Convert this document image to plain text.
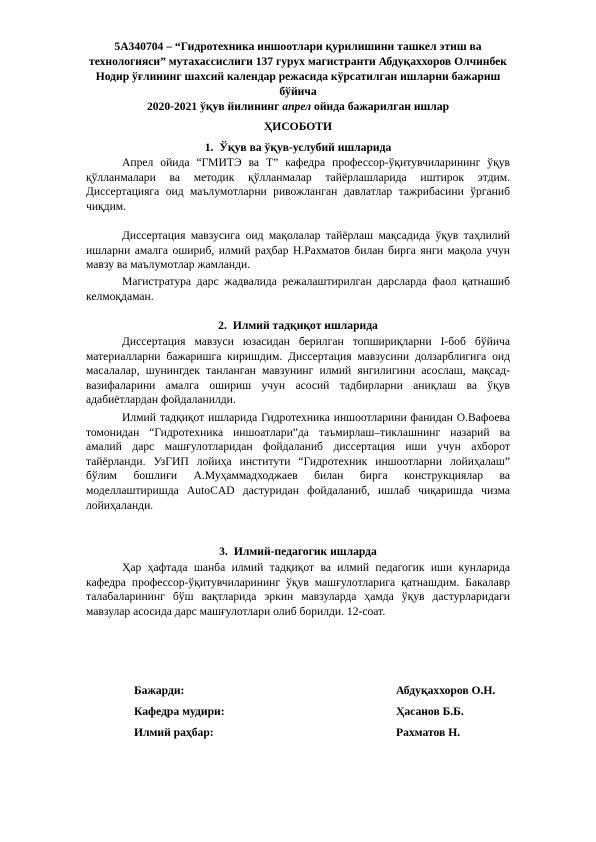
5А340704 – “Гидротехника иншоотлари қурилишини ташкел этиш ва
технологияси” мутахассислиги 137 гурух магистранти Абдуқаххоров Олчинбек
Нодир ўғлининг шахсий календар режасида кўрсатилган ишларни бажариш бўйича
2020-2021 ўқув йилининг апрел ойида бажарилган ишлар
ҲИСОБОТИ
1. Ўқув ва ўқув-услубий ишларида

Апрел ойида “ГМИТЭ ва Т” кафедра профессор-ўқитувчиларининг ўқув қўлланмалари ва методик қўлланмалар тайёрлашларида иштирок этдим. Диссертацияга оид маълумотларни ривожланган давлатлар тажрибасини ўрганиб чиқдим.

Диссертация мавзусига оид мақолалар тайёрлаш мақсадида ўқув таҳлилий ишларни амалга ошириб, илмий раҳбар Н.Рахматов билан бирга янги мақола учун мавзу ва маълумотлар жамланди.

Магистратура дарс жадвалида режалаштирилган дарсларда фаол қатнашиб келмоқдаман.

2. Илмий тадқиқот ишларида

Диссертация мавзуси юзасидан берилган топшириқларни I-боб бўйича материалларни бажаришга киришдим. Диссертация мавзусини долзарблигига оид масалалар, шунингдек танланган мавзунинг илмий янгилигини асослаш, мақсад-вазифаларини амалга ошириш учун асосий тадбирларни аниқлаш ва ўқув адабиётлардан фойдаланилди.

Илмий тадқиқот ишларида Гидротехника иншоотларини фанидан О.Вафоева томонидан “Гидротехника иншоатлари”да таъмирлаш–тиклашнинг назарий ва амалий дарс машғулотларидан фойдаланиб диссертация иши учун ахборот тайёрланди. УзГИП лойиҳа институти “Гидротехник иншоотларни лойиҳалаш” бўлим бошлиғи А.Муҳаммадходжаев билан бирга конструкциялар ва моделлаштиришда AutoCAD дастуридан фойдаланиб, ишлаб чиқаришда чизма лойиҳаланди.

3. Илмий-педагогик ишларда

Ҳар ҳафтада шанба илмий тадқиқот ва илмий педагогик иши кунларида кафедра профессор-ўқитувчиларининг ўқув машғулотларига қатнашдим. Бакалавр талабаларининг бўш вақтларида эркин мавзуларда ҳамда ўқув дастурларидаги мавзулар асосида дарс машғулотлари олиб борилди. 12-соат.

Бажарди:	Абдуқаххоров О.Н.
Кафедра мудири:	Ҳасанов Б.Б.
Илмий раҳбар:	Рахматов Н.
